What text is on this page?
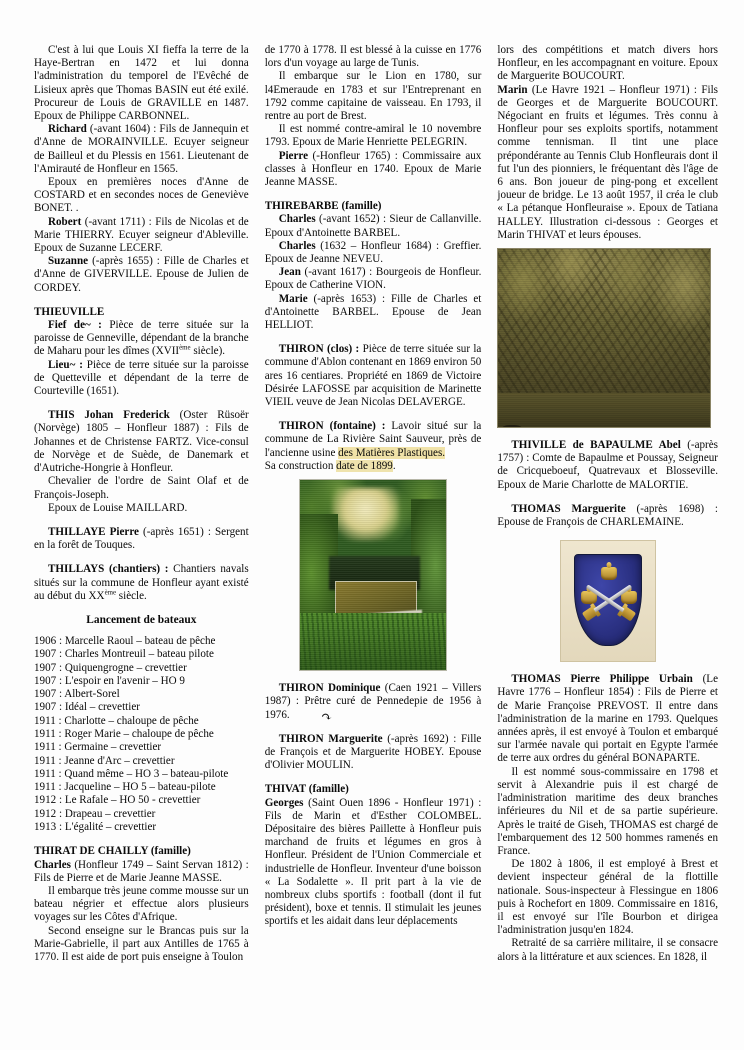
C'est à lui que Louis XI fieffa la terre de la Haye-Bertran en 1472 et lui donna l'administration du temporel de l'Evêché de Lisieux après que Thomas BASIN eut été exilé. Procureur de Louis de GRAVILLE en 1487. Epoux de Philippe CARBONNEL.

Richard (-avant 1604) : Fils de Jannequin et d'Anne de MORAINVILLE. Ecuyer seigneur de Bailleul et du Plessis en 1561. Lieutenant de l'Amirauté de Honfleur en 1565.

Epoux en premières noces d'Anne de COSTARD et en secondes noces de Geneviève BONET. .

Robert (-avant 1711) : Fils de Nicolas et de Marie THIERRY. Ecuyer seigneur d'Ableville. Epoux de Suzanne LECERF.

Suzanne (-après 1655) : Fille de Charles et d'Anne de GIVERVILLE. Epouse de Julien de CORDEY.

THIEUVILLE

Fief de~ : Pièce de terre située sur la paroisse de Genneville, dépendant de la branche de Maharu pour les dîmes (XVIIème siècle).

Lieu~ : Pièce de terre située sur la paroisse de Quetteville et dépendant de la terre de Courteville (1651).

THIS Johan Frederick (Oster Rüsoër (Norvège) 1805 – Honfleur 1887) : Fils de Johannes et de Christense FARTZ. Vice-consul de Norvège et de Suède, de Danemark et d'Autriche-Hongrie à Honfleur.

Chevalier de l'ordre de Saint Olaf et de François-Joseph.

Epoux de Louise MAILLARD.

THILLAYE Pierre (-après 1651) : Sergent en la forêt de Touques.

THILLAYS (chantiers) : Chantiers navals situés sur la commune de Honfleur ayant existé au début du XXème siècle.

Lancement de bateaux

1906 : Marcelle Raoul – bateau de pêche

1907 : Charles Montreuil – bateau pilote

1907 : Quiquengrogne – crevettier

1907 : L'espoir en l'avenir – HO 9

1907 : Albert-Sorel

1907 : Idéal – crevettier

1911 : Charlotte – chaloupe de pêche

1911 : Roger Marie – chaloupe de pêche

1911 : Germaine – crevettier

1911 : Jeanne d'Arc – crevettier

1911 : Quand même – HO 3 – bateau-pilote

1911 : Jacqueline – HO 5 – bateau-pilote

1912 : Le Rafale – HO 50 - crevettier

1912 : Drapeau – crevettier

1913 : L'égalité – crevettier

THIRAT DE CHAILLY (famille)

Charles (Honfleur 1749 – Saint Servan 1812) : Fils de Pierre et de Marie Jeanne MASSE.

Il embarque très jeune comme mousse sur un bateau négrier et effectue alors plusieurs voyages sur les Côtes d'Afrique.

Second enseigne sur le Brancas puis sur la Marie-Gabrielle, il part aux Antilles de 1765 à 1770. Il est aide de port puis enseigne à Toulon

de 1770 à 1778. Il est blessé à la cuisse en 1776 lors d'un voyage au large de Tunis.

Il embarque sur le Lion en 1780, sur l4Emeraude en 1783 et sur l'Entreprenant en 1792 comme capitaine de vaisseau. En 1793, il rentre au port de Brest.

Il est nommé contre-amiral le 10 novembre 1793. Epoux de Marie Henriette PELEGRIN.

Pierre (-Honfleur 1765) : Commissaire aux classes à Honfleur en 1740. Epoux de Marie Jeanne MASSE.

THIREBARBE (famille)

Charles (-avant 1652) : Sieur de Callanville. Epoux d'Antoinette BARBEL.

Charles (1632 – Honfleur 1684) : Greffier. Epoux de Jeanne NEVEU.

Jean (-avant 1617) : Bourgeois de Honfleur. Epoux de Catherine VION.

Marie (-après 1653) : Fille de Charles et d'Antoinette BARBEL. Epouse de Jean HELLIOT.

THIRON (clos) : Pièce de terre située sur la commune d'Ablon contenant en 1869 environ 50 ares 16 centiares. Propriété en 1869 de Victoire Désirée LAFOSSE par acquisition de Marinette VIEIL veuve de Jean Nicolas DELAVERGE.

THIRON (fontaine) : Lavoir situé sur la commune de La Rivière Saint Sauveur, près de l'ancienne usine des Matières Plastiques.

Sa construction date de 1899.

THIRON Dominique (Caen 1921 – Villers 1987) : Prêtre curé de Pennedepie de 1956 à 1976.	↷

THIRON Marguerite (-après 1692) : Fille de François et de Marguerite HOBEY. Epouse d'Olivier MOULIN.

THIVAT (famille)

Georges (Saint Ouen 1896 - Honfleur 1971) : Fils de Marin et d'Esther COLOMBEL. Dépositaire des bières Paillette à Honfleur puis marchand de fruits et légumes en gros à Honfleur. Président de l'Union Commerciale et industrielle de Honfleur. Inventeur d'une boisson « La Sodalette ». Il prit part à la vie de nombreux clubs sportifs : football (dont il fut président), boxe et tennis. Il stimulait les jeunes sportifs et les aidait dans leur déplacements

lors des compétitions et match divers hors Honfleur, en les accompagnant en voiture. Epoux de Marguerite BOUCOURT.

Marin (Le Havre 1921 – Honfleur 1971) : Fils de Georges et de Marguerite BOUCOURT. Négociant en fruits et légumes. Très connu à Honfleur pour ses exploits sportifs, notamment comme tennisman. Il tint une place prépondérante au Tennis Club Honfleurais dont il fut l'un des pionniers, le fréquentant dès l'âge de 6 ans. Bon joueur de ping-pong et excellent joueur de bridge. Le 13 août 1957, il créa le club « La pétanque Honfleuraise ». Epoux de Tatiana HALLEY. Illustration ci-dessous : Georges et Marin THIVAT et leurs épouses.

THIVILLE de BAPAULME Abel (-après 1757) : Comte de Bapaulme et Poussay, Seigneur de Cricqueboeuf, Quatrevaux et Blosseville. Epoux de Marie Charlotte de MALORTIE.

THOMAS Marguerite (-après 1698) : Epouse de François de CHARLEMAINE.

THOMAS Pierre Philippe Urbain (Le Havre 1776 – Honfleur 1854) : Fils de Pierre et de Marie Françoise PREVOST. Il entre dans l'administration de la marine en 1793. Quelques années après, il est envoyé à Toulon et embarqué sur l'armée navale qui portait en Egypte l'armée de terre aux ordres du général BONAPARTE.

Il est nommé sous-commissaire en 1798 et servit à Alexandrie puis il est chargé de l'administration maritime des deux branches inférieures du Nil et de sa partie supérieure. Après le traité de Giseh, THOMAS est chargé de l'embarquement des 12 500 hommes ramenés en France.

De 1802 à 1806, il est employé à Brest et devient inspecteur général de la flottille nationale. Sous-inspecteur à Flessingue en 1806 puis à Rochefort en 1809. Commissaire en 1816, il est envoyé sur l'île Bourbon et dirigea l'administration jusqu'en 1824.

Retraité de sa carrière militaire, il se consacre alors à la littérature et aux sciences. En 1828, il
